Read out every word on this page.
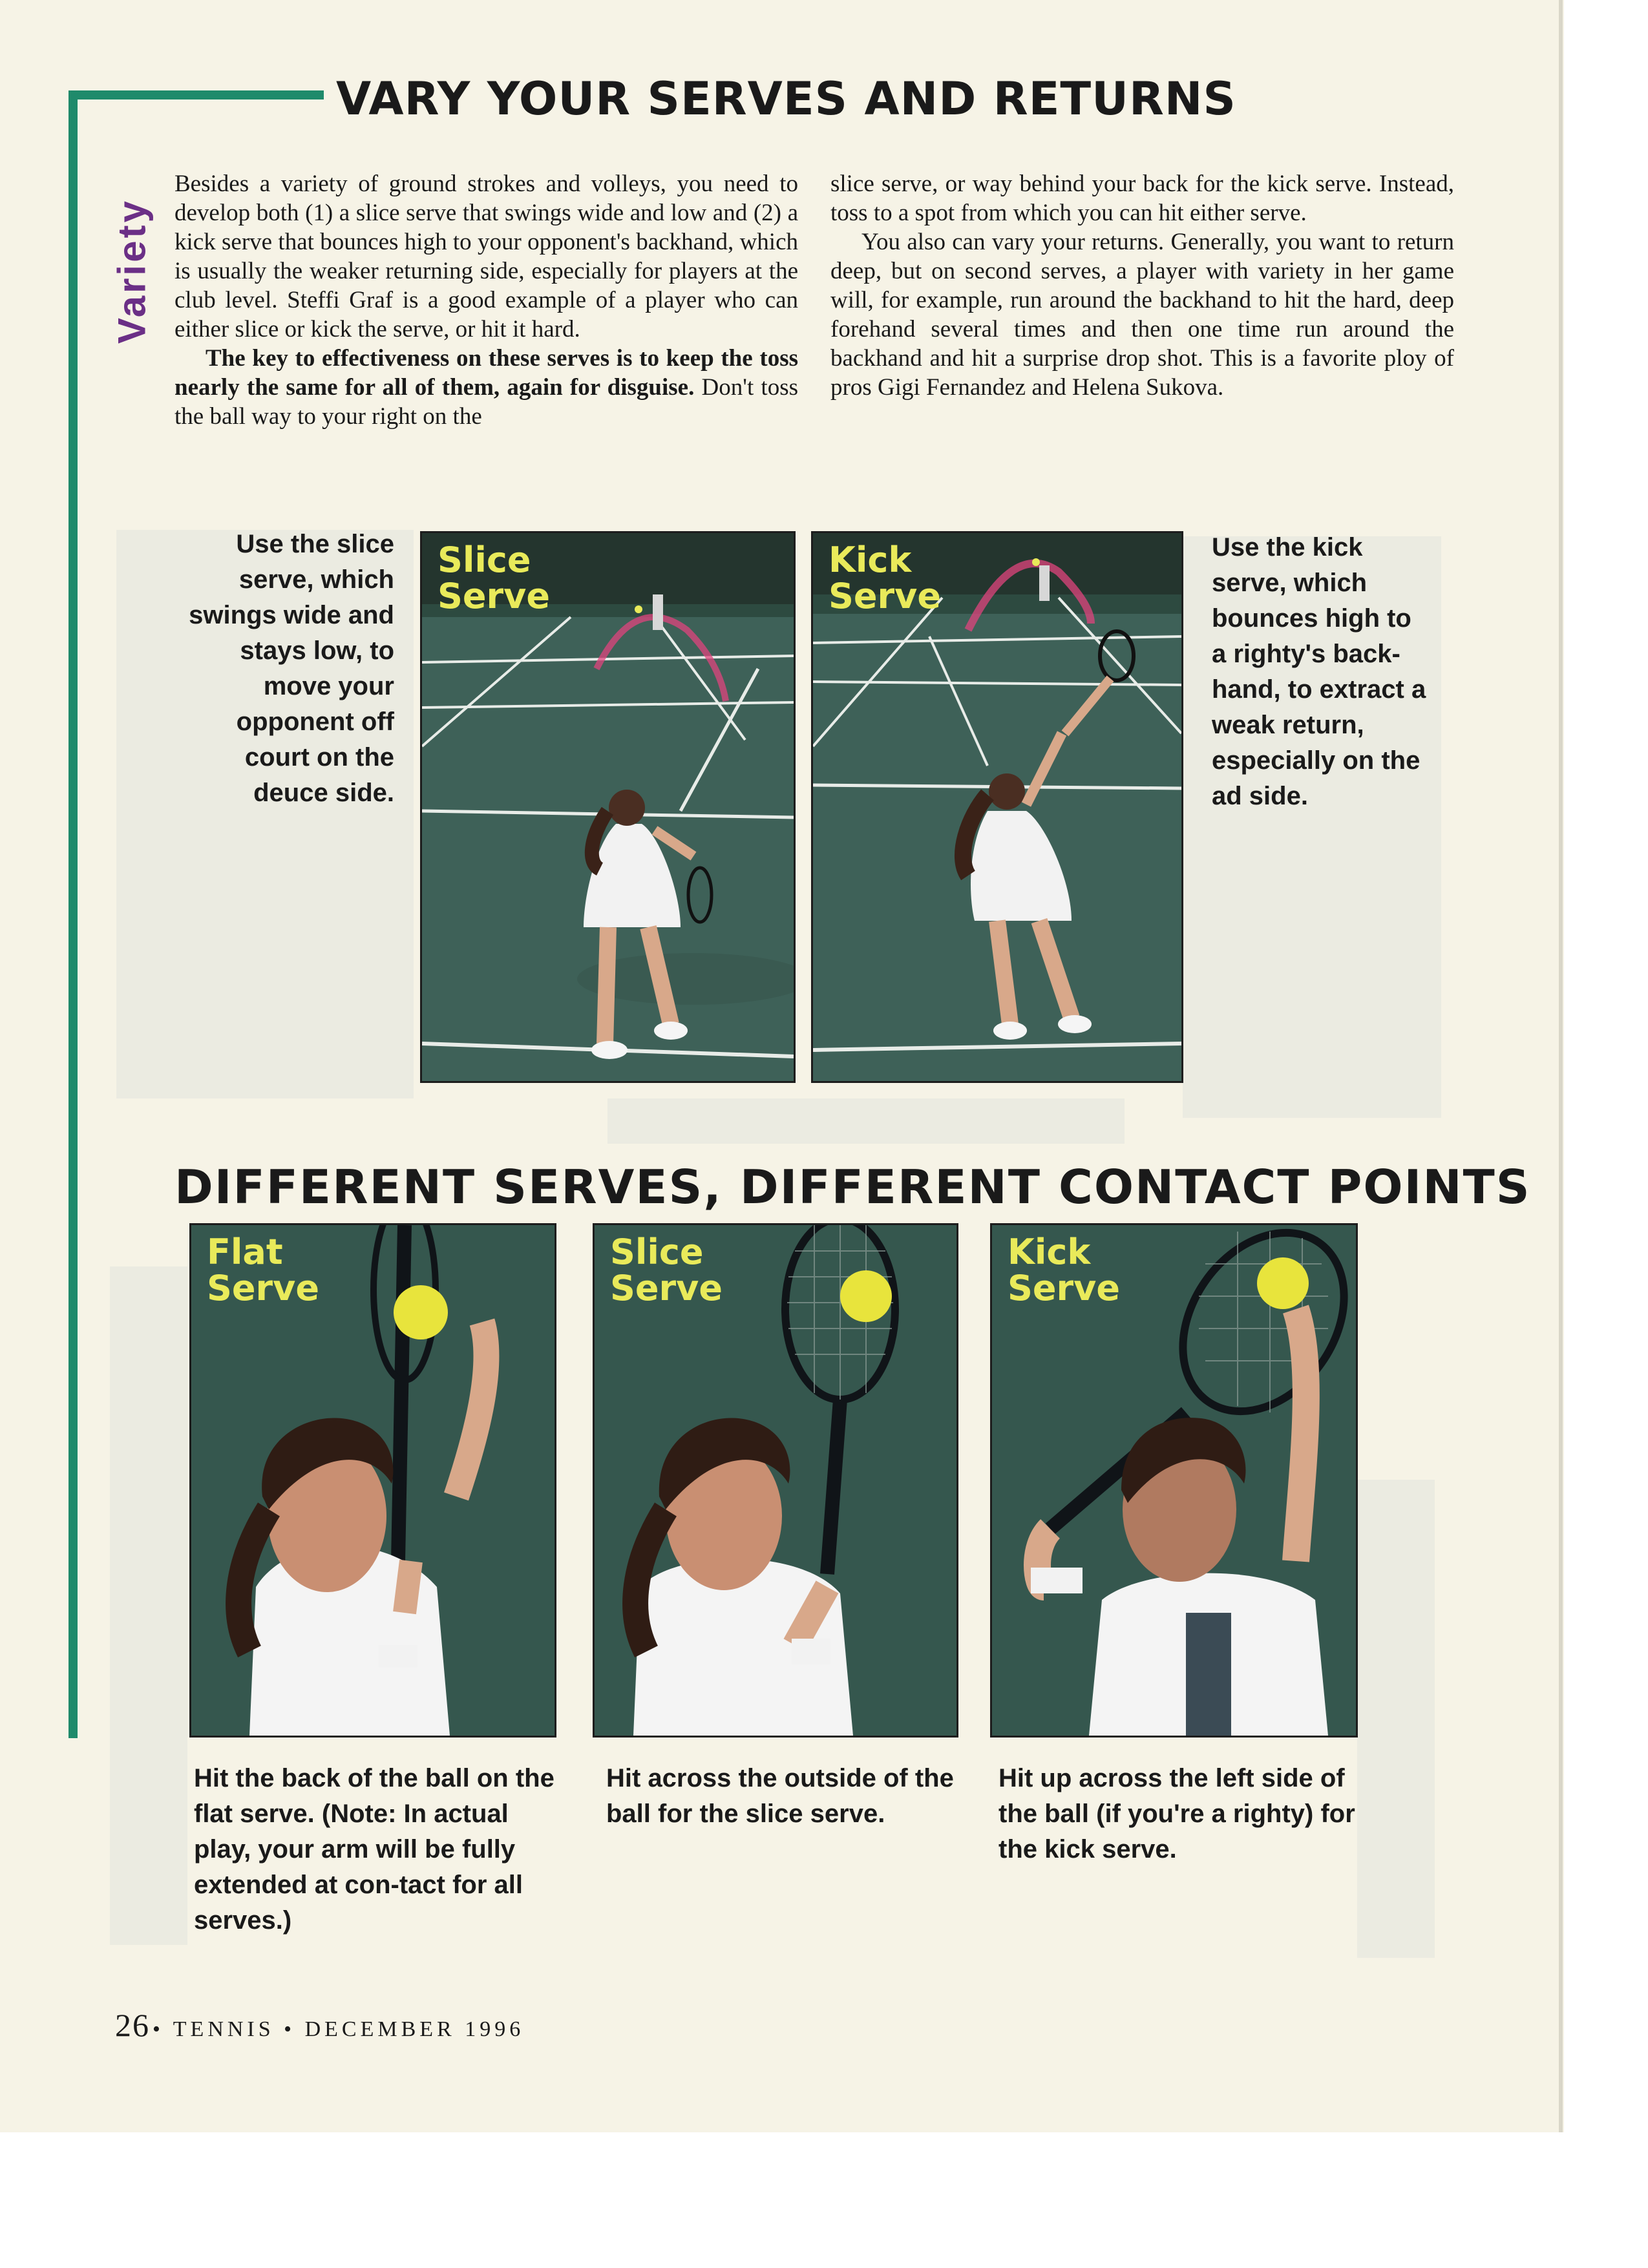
Variety
VARY YOUR SERVES AND RETURNS

Besides a variety of ground strokes and volleys, you need to develop both (1) a slice serve that swings wide and low and (2) a kick serve that bounces high to your opponent's backhand, which is usually the weaker returning side, especially for players at the club level. Steffi Graf is a good example of a player who can either slice or kick the serve, or hit it hard.

The key to effectiveness on these serves is to keep the toss nearly the same for all of them, again for disguise. Don't toss the ball way to your right on the

slice serve, or way behind your back for the kick serve. Instead, toss to a spot from which you can hit either serve.

You also can vary your returns. Generally, you want to return deep, but on second serves, a player with variety in her game will, for example, run around the backhand to hit the hard, deep forehand several times and then one time run around the backhand and hit a surprise drop shot. This is a favorite ploy of pros Gigi Fernandez and Helena Sukova.

Use the slice serve, which swings wide and stays low, to move your opponent off court on the deuce side.
Use the kick serve, which bounces high to a righty's back-hand, to extract a weak return, especially on the ad side.

Slice
Serve

Kick
Serve

DIFFERENT SERVES, DIFFERENT CONTACT POINTS

Flat
Serve

Slice
Serve

Kick
Serve

Hit the back of the ball on the flat serve. (Note: In actual play, your arm will be fully extended at con-tact for all serves.)
Hit across the outside of the ball for the slice serve.
Hit up across the left side of the ball (if you're a righty) for the kick serve.

26 • TENNIS • DECEMBER 1996
